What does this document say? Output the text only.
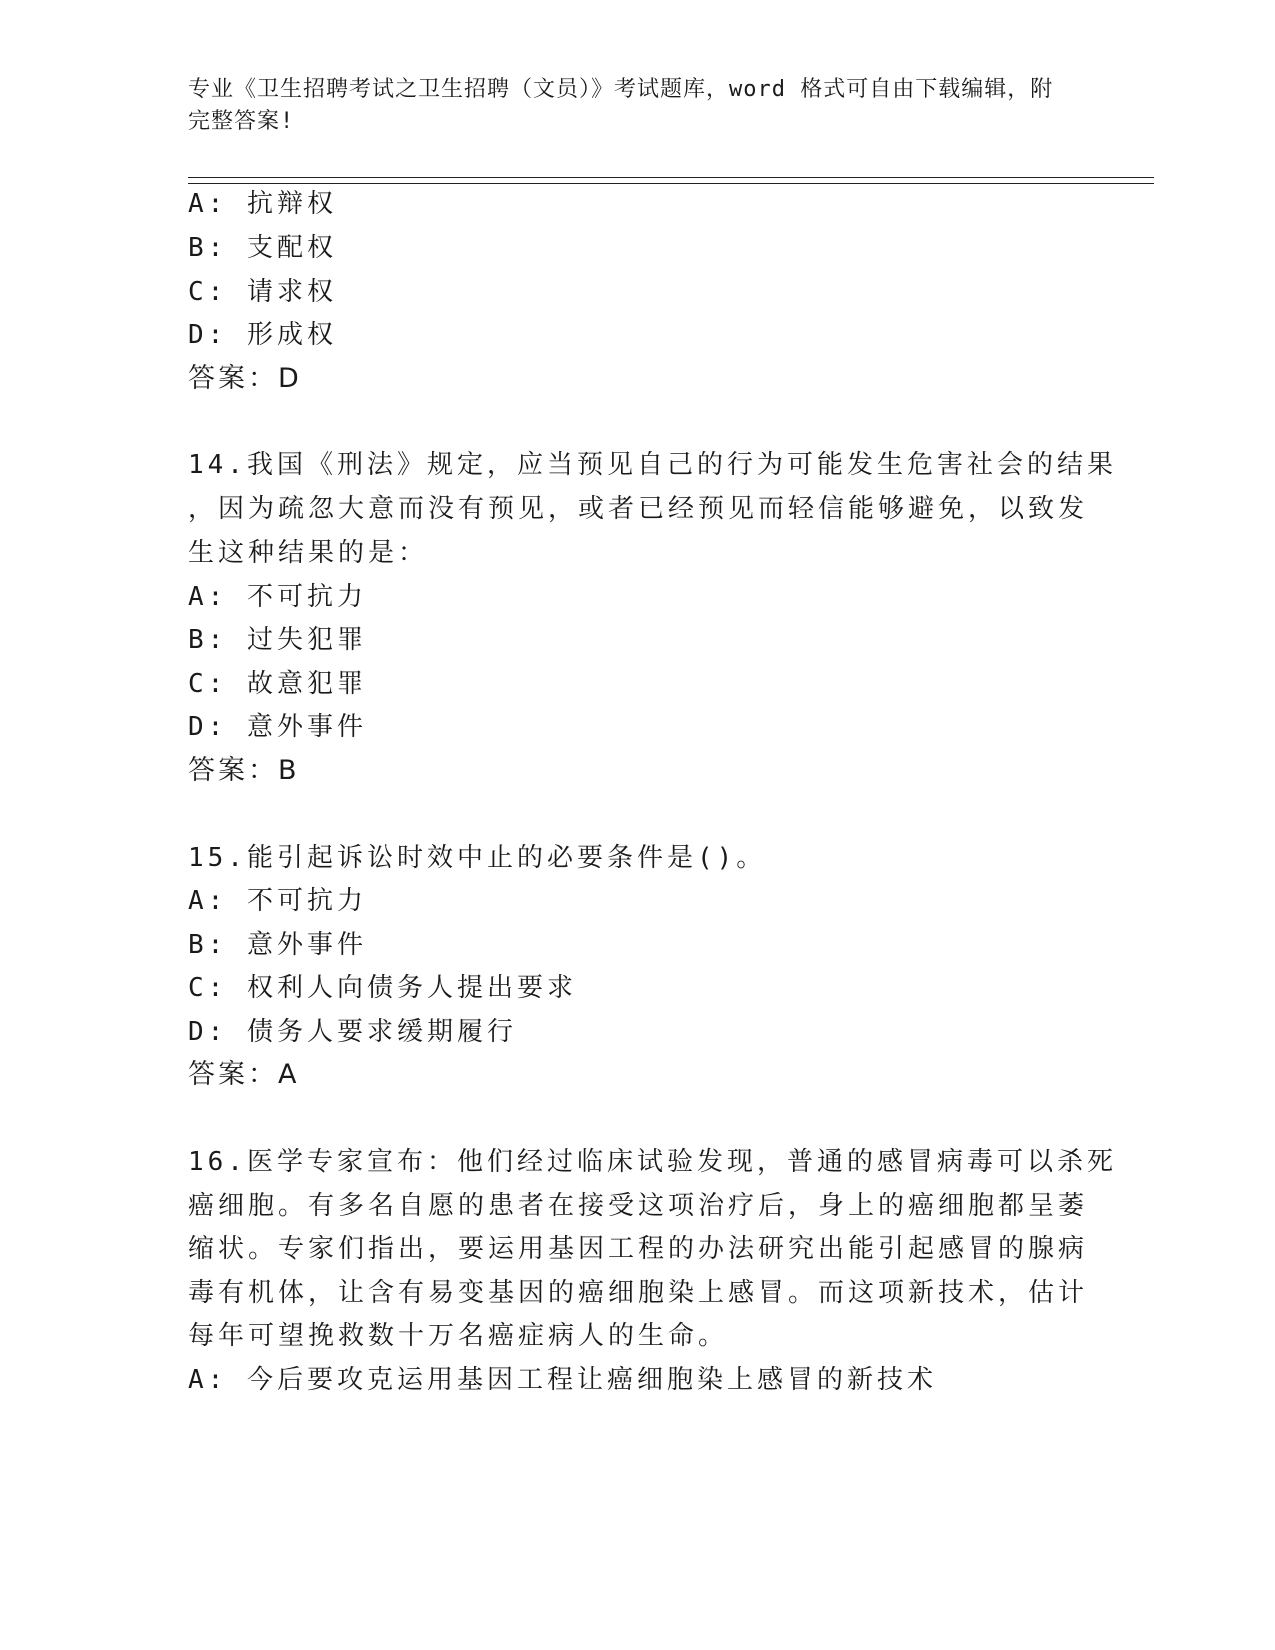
专业《卫生招聘考试之卫生招聘（文员）》考试题库，word 格式可自由下载编辑，附完整答案!
A: 抗辩权
B: 支配权
C: 请求权
D: 形成权
答案：D
14.我国《刑法》规定，应当预见自己的行为可能发生危害社会的结果
，因为疏忽大意而没有预见，或者已经预见而轻信能够避免，以致发
生这种结果的是：
A: 不可抗力
B: 过失犯罪
C: 故意犯罪
D: 意外事件
答案：B
15.能引起诉讼时效中止的必要条件是()。
A: 不可抗力
B: 意外事件
C: 权利人向债务人提出要求
D: 债务人要求缓期履行
答案：A
16.医学专家宣布：他们经过临床试验发现，普通的感冒病毒可以杀死
癌细胞。有多名自愿的患者在接受这项治疗后，身上的癌细胞都呈萎
缩状。专家们指出，要运用基因工程的办法研究出能引起感冒的腺病
毒有机体，让含有易变基因的癌细胞染上感冒。而这项新技术，估计
每年可望挽救数十万名癌症病人的生命。
A: 今后要攻克运用基因工程让癌细胞染上感冒的新技术
